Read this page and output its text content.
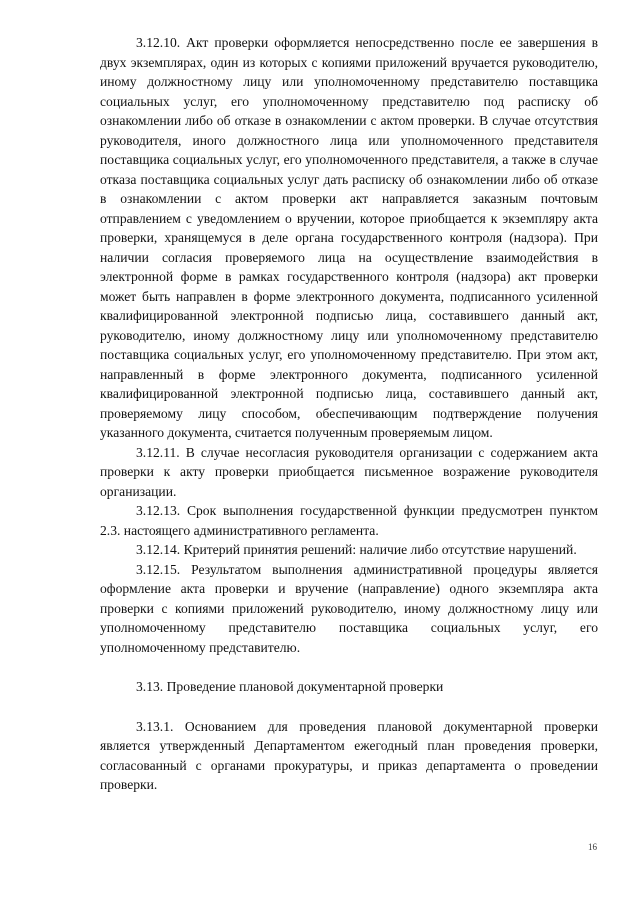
3.12.10. Акт проверки оформляется непосредственно после ее завершения в двух экземплярах, один из которых с копиями приложений вручается руководителю, иному должностному лицу или уполномоченному представителю поставщика социальных услуг, его уполномоченному представителю под расписку об ознакомлении либо об отказе в ознакомлении с актом проверки. В случае отсутствия руководителя, иного должностного лица или уполномоченного представителя поставщика социальных услуг, его уполномоченного представителя, а также в случае отказа поставщика социальных услуг дать расписку об ознакомлении либо об отказе в ознакомлении с актом проверки акт направляется заказным почтовым отправлением с уведомлением о вручении, которое приобщается к экземпляру акта проверки, хранящемуся в деле органа государственного контроля (надзора). При наличии согласия проверяемого лица на осуществление взаимодействия в электронной форме в рамках государственного контроля (надзора) акт проверки может быть направлен в форме электронного документа, подписанного усиленной квалифицированной электронной подписью лица, составившего данный акт, руководителю, иному должностному лицу или уполномоченному представителю поставщика социальных услуг, его уполномоченному представителю. При этом акт, направленный в форме электронного документа, подписанного усиленной квалифицированной электронной подписью лица, составившего данный акт, проверяемому лицу способом, обеспечивающим подтверждение получения указанного документа, считается полученным проверяемым лицом.

3.12.11. В случае несогласия руководителя организации с содержанием акта проверки к акту проверки приобщается письменное возражение руководителя организации.

3.12.13. Срок выполнения государственной функции предусмотрен пунктом 2.3. настоящего административного регламента.

3.12.14. Критерий принятия решений: наличие либо отсутствие нарушений.

3.12.15. Результатом выполнения административной процедуры является оформление акта проверки и вручение (направление) одного экземпляра акта проверки с копиями приложений руководителю, иному должностному лицу или уполномоченному представителю поставщика социальных услуг, его уполномоченному представителю.

3.13. Проведение плановой документарной проверки

3.13.1. Основанием для проведения плановой документарной проверки является утвержденный Департаментом ежегодный план проведения проверки, согласованный с органами прокуратуры, и приказ департамента о проведении проверки.

16
